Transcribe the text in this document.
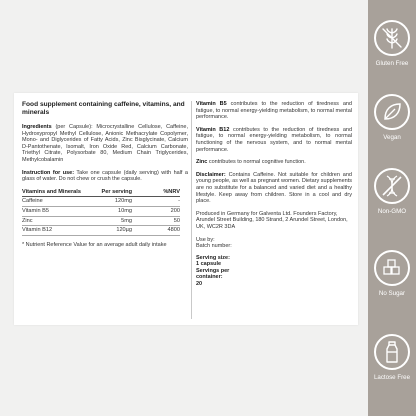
Food supplement containing caffeine, vitamins, and minerals

Ingredients (per Capsule): Microcrystalline Cellulose, Caffeine, Hydroxypropyl Methyl Cellulose, Anionic Methacrylate Copolymer, Mono- and Diglycerides of Fatty Acids, Zinc Bisglycinate, Calcium D-Pantothenate, Isomalt, Iron Oxide Red, Calcium Carbonate, Triethyl Citrate, Polysorbate 80, Medium Chain Triglycerides, Methylcobalamin

Instruction for use: Take one capsule (daily serving) with half a glass of water. Do not chew or crush the capsule.

Vitamins and Minerals	Per serving	%NRV
Caffeine	120mg	-
Vitamin B5	10mg	200
Zinc	5mg	50
Vitamin B12	120µg	4800
* Nutrient Reference Value for an average adult daily intake

Vitamin B5 contributes to the reduction of tiredness and fatigue, to normal energy-yielding metabolism, to normal mental performance.

Vitamin B12 contributes to the reduction of tiredness and fatigue, to normal energy-yielding metabolism, to normal functioning of the nervous system, and to normal mental performance.

Zinc contributes to normal cognitive function.

Disclaimer: Contains Caffeine. Not suitable for children and young people, as well as pregnant women. Dietary supplements are no substitute for a balanced and varied diet and a healthy lifestyle. Keep away from children. Store in a cool and dry place.

Produced in Germany for Galventa Ltd. Founders Factory, Arundel Street Building, 180 Strand, 2 Arundel Street, London, UK, WC2R 3DA

Use by:
Batch number:
Serving size:
1 capsule
Servings per container:
20
Gluten Free
Vegan
Non-GMO
No Sugar
Lactose Free
